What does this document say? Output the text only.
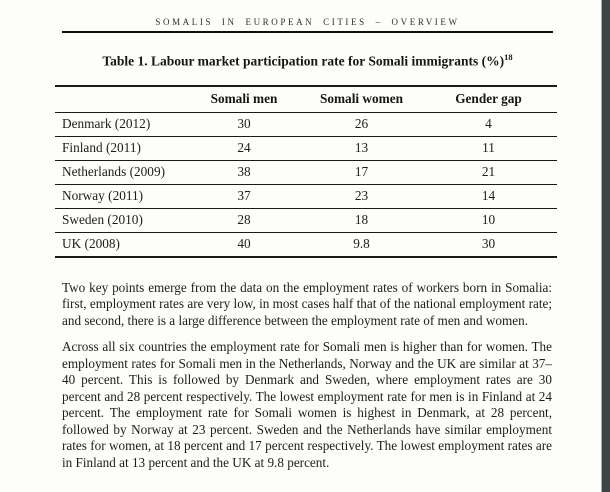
SOMALIS IN EUROPEAN CITIES – OVERVIEW
Table 1. Labour market participation rate for Somali immigrants (%)$^{18}$
	Somali men	Somali women	Gender gap
Denmark (2012)	30	26	4
Finland (2011)	24	13	11
Netherlands (2009)	38	17	21
Norway (2011)	37	23	14
Sweden (2010)	28	18	10
UK (2008)	40	9.8	30

Two key points emerge from the data on the employment rates of workers born in Somalia: first, employment rates are very low, in most cases half that of the national employment rate; and second, there is a large difference between the employment rate of men and women.

Across all six countries the employment rate for Somali men is higher than for women. The employment rates for Somali men in the Netherlands, Norway and the UK are similar at 37–40 percent. This is followed by Denmark and Sweden, where employment rates are 30 percent and 28 percent respectively. The lowest employment rate for men is in Finland at 24 percent. The employment rate for Somali women is highest in Denmark, at 28 percent, followed by Norway at 23 percent. Sweden and the Netherlands have similar employment rates for women, at 18 percent and 17 percent respectively. The lowest employment rates are in Finland at 13 percent and the UK at 9.8 percent.
